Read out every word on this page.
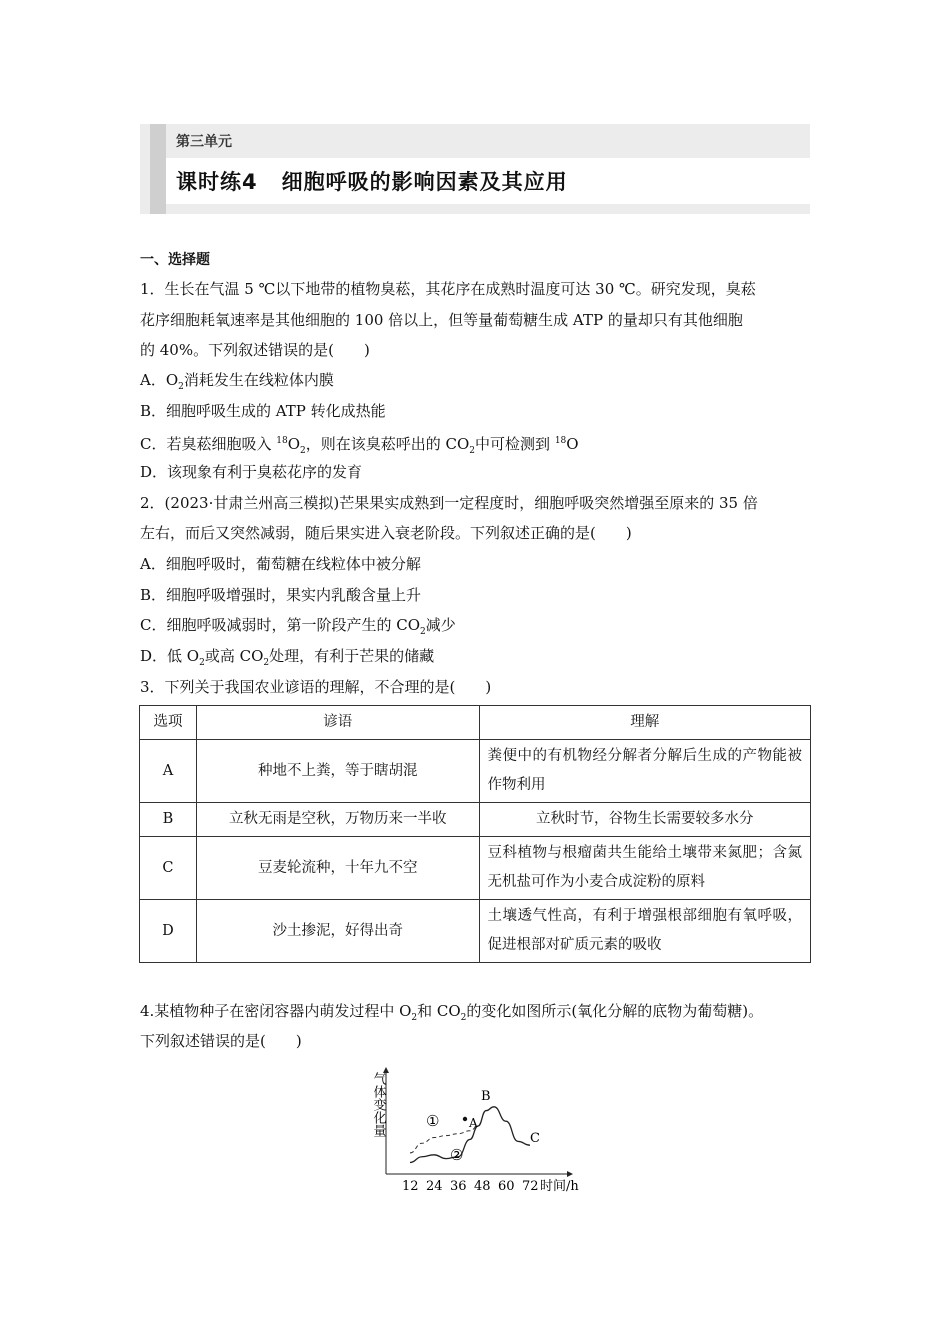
第三单元
课时练4 细胞呼吸的影响因素及其应用
一、选择题
1．生长在气温 5 ℃以下地带的植物臭菘，其花序在成熟时温度可达 30 ℃。研究发现，臭菘
花序细胞耗氧速率是其他细胞的 100 倍以上，但等量葡萄糖生成 ATP 的量却只有其他细胞
的 40%。下列叙述错误的是(　　)
A．$O_2$消耗发生在线粒体内膜
B．细胞呼吸生成的 ATP 转化成热能
C．若臭菘细胞吸入 $^{18}O_2$，则在该臭菘呼出的 $CO_2$中可检测到 $^{18}$O
D．该现象有利于臭菘花序的发育
2．(2023·甘肃兰州高三模拟)芒果果实成熟到一定程度时，细胞呼吸突然增强至原来的 35 倍
左右，而后又突然减弱，随后果实进入衰老阶段。下列叙述正确的是(　　)
A．细胞呼吸时，葡萄糖在线粒体中被分解
B．细胞呼吸增强时，果实内乳酸含量上升
C．细胞呼吸减弱时，第一阶段产生的 $CO_2$减少
D．低 $O_2$或高 $CO_2$处理，有利于芒果的储藏
3．下列关于我国农业谚语的理解，不合理的是(　　)
选项	谚语	理解
A	种地不上粪，等于瞎胡混	粪便中的有机物经分解者分解后生成的产物能被作物利用
B	立秋无雨是空秋，万物历来一半收	立秋时节，谷物生长需要较多水分
C	豆麦轮流种，十年九不空	豆科植物与根瘤菌共生能给土壤带来氮肥；含氮无机盐可作为小麦合成淀粉的原料
D	沙土掺泥，好得出奇	土壤透气性高，有利于增强根部细胞有氧呼吸，促进根部对矿质元素的吸收
4.某植物种子在密闭容器内萌发过程中 $O_2$和 $CO_2$的变化如图所示(氧化分解的底物为葡萄糖)。
下列叙述错误的是(　　)
气体变化量
12 24 36 48 60 72 时间/h
①
②
A
B
C
